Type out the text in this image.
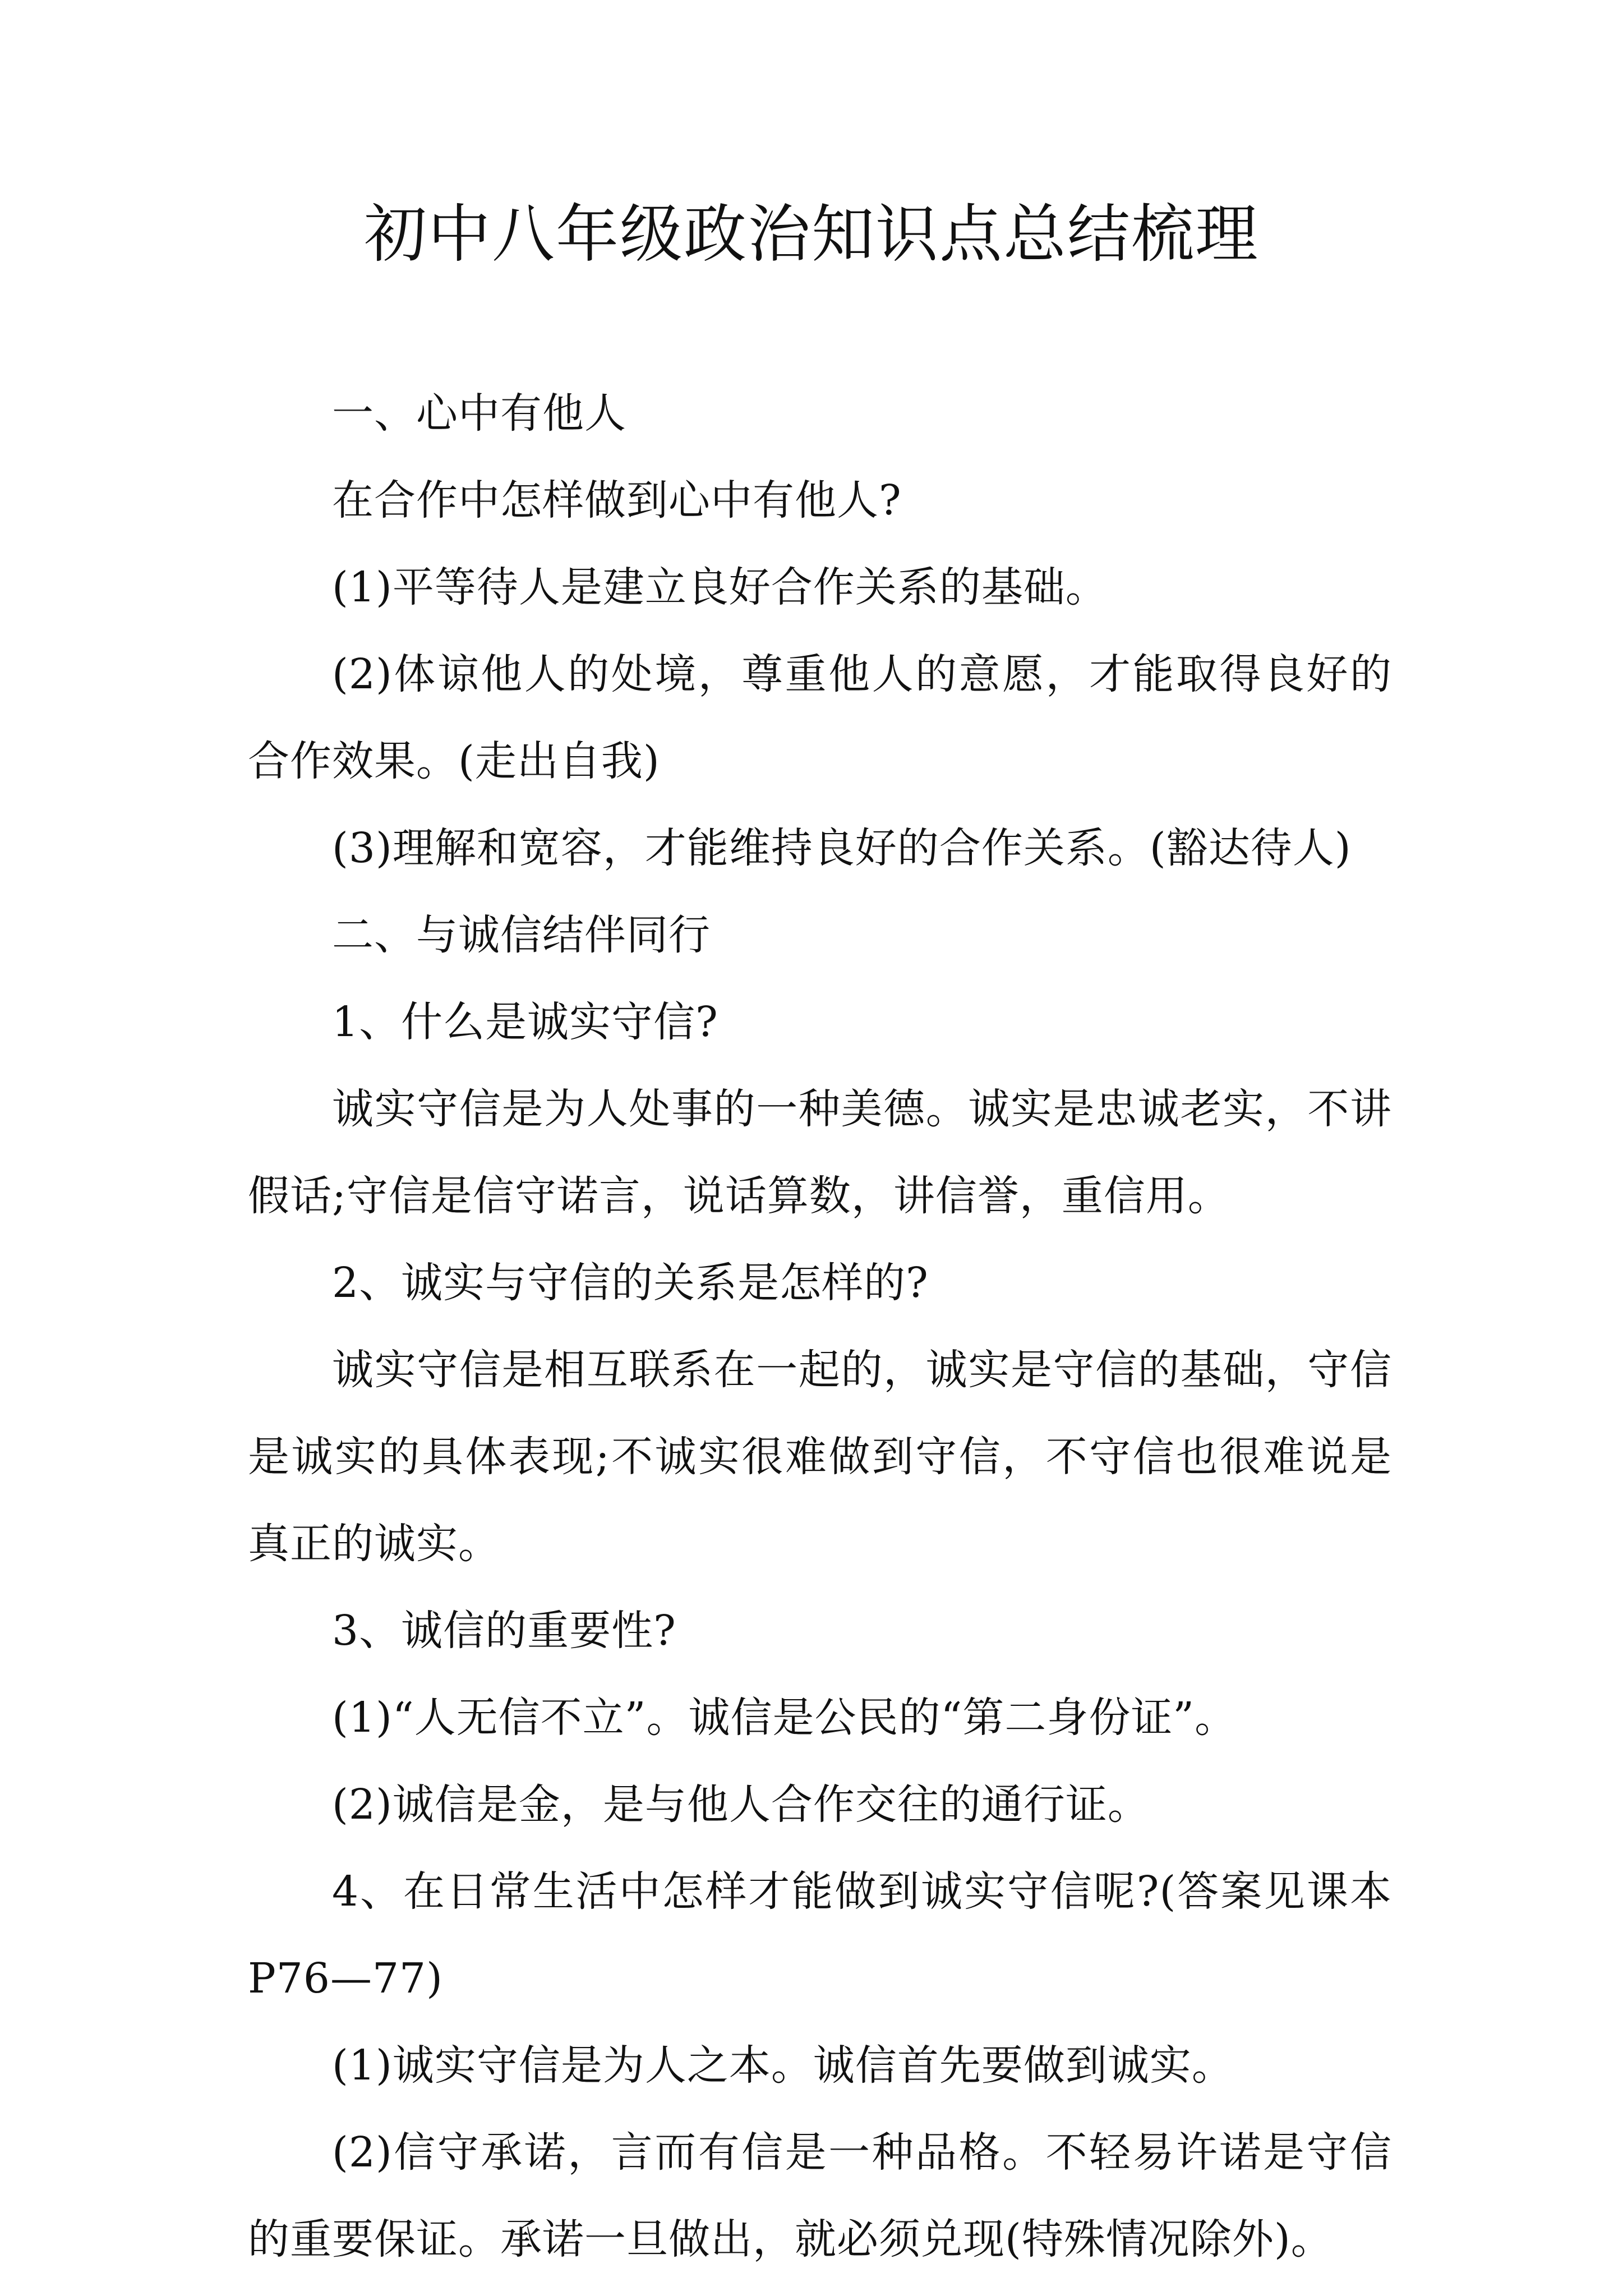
初中八年级政治知识点总结梳理

一、心中有他人

在合作中怎样做到心中有他人?

(1)平等待人是建立良好合作关系的基础。

(2)体谅他人的处境，尊重他人的意愿，才能取得良好的合作效果。(走出自我)

(3)理解和宽容，才能维持良好的合作关系。(豁达待人)

二、与诚信结伴同行

1、什么是诚实守信?

诚实守信是为人处事的一种美德。诚实是忠诚老实，不讲假话;守信是信守诺言，说话算数，讲信誉，重信用。

2、诚实与守信的关系是怎样的?

诚实守信是相互联系在一起的，诚实是守信的基础，守信是诚实的具体表现;不诚实很难做到守信，不守信也很难说是真正的诚实。

3、诚信的重要性?

(1)“人无信不立”。诚信是公民的“第二身份证”。

(2)诚信是金，是与他人合作交往的通行证。

4、在日常生活中怎样才能做到诚实守信呢?(答案见课本P76—77)

(1)诚实守信是为人之本。诚信首先要做到诚实。

(2)信守承诺，言而有信是一种品格。不轻易许诺是守信的重要保证。承诺一旦做出，就必须兑现(特殊情况除外)。
